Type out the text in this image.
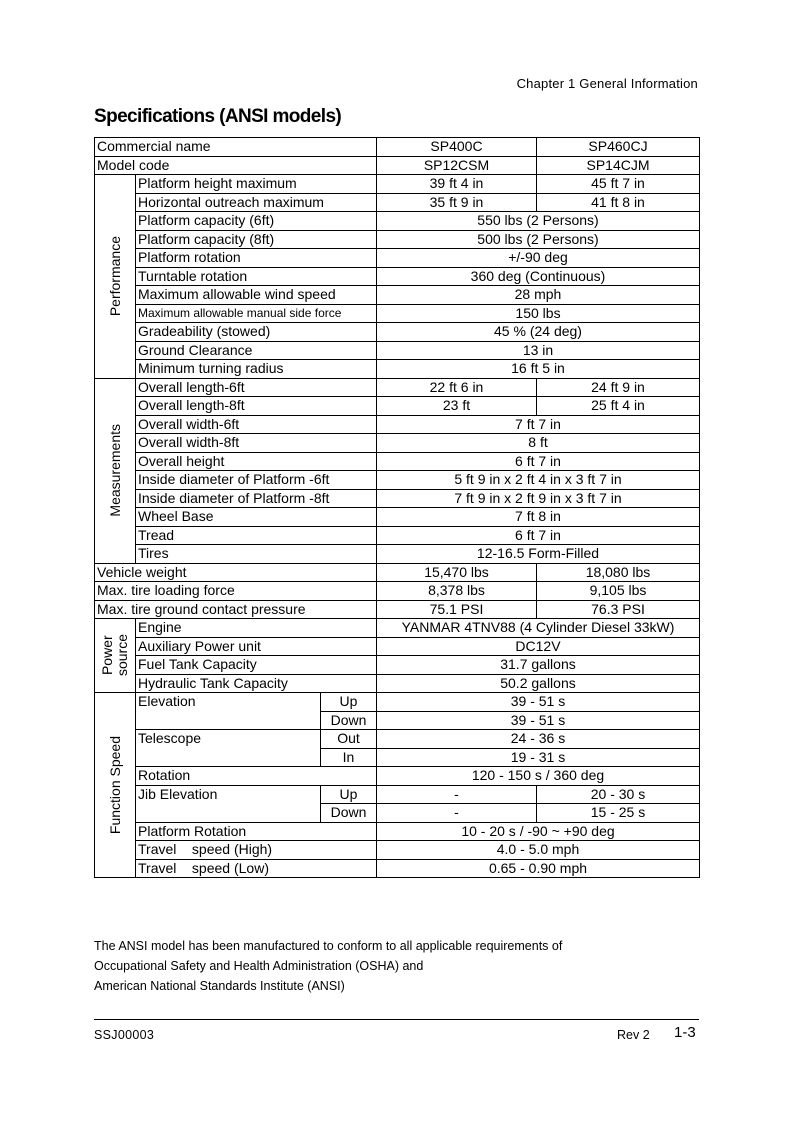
Chapter 1 General Information
Specifications (ANSI models)
Commercial name			SP400C	SP460CJ
Model code			SP12CSM	SP14CJM

Performance	Platform height maximum		39 ft 4 in	45 ft 7 in
	Horizontal outreach maximum		35 ft 9 in	41 ft 8 in
	Platform capacity (6ft)		550 lbs (2 Persons)	
	Platform capacity (8ft)		500 lbs (2 Persons)	
	Platform rotation		+/-90 deg	
	Turntable rotation		360 deg (Continuous)	
	Maximum allowable wind speed		28 mph	
	Maximum allowable manual side force		150 lbs	
	Gradeability (stowed)		45 % (24 deg)	
	Ground Clearance		13 in	
	Minimum turning radius		16 ft 5 in	

Measurements	Overall length-6ft		22 ft 6 in	24 ft 9 in
	Overall length-8ft		23 ft	25 ft 4 in
	Overall width-6ft		7 ft 7 in	
	Overall width-8ft		8 ft	
	Overall height		6 ft 7 in	
	Inside diameter of Platform -6ft		5 ft 9 in x 2 ft 4 in x 3 ft 7 in	
	Inside diameter of Platform -8ft		7 ft 9 in x 2 ft 9 in x 3 ft 7 in	
	Wheel Base		7 ft 8 in	
	Tread		6 ft 7 in	
	Tires		12-16.5 Form-Filled	
Vehicle weight			15,470 lbs	18,080 lbs
Max. tire loading force			8,378 lbs	9,105 lbs
Max. tire ground contact pressure			75.1 PSI	76.3 PSI

Power
source	Engine		YANMAR 4TNV88 (4 Cylinder Diesel 33kW)	
	Auxiliary Power unit		DC12V	
	Fuel Tank Capacity		31.7 gallons	
	Hydraulic Tank Capacity		50.2 gallons	

Function Speed	Elevation	Up	39 - 51 s	
		Down	39 - 51 s	
	Telescope	Out	24 - 36 s	
		In	19 - 31 s	
	Rotation		120 - 150 s / 360 deg	
	Jib Elevation	Up	-	20 - 30 s
		Down	-	15 - 25 s
	Platform Rotation		10 - 20 s / -90 ~ +90 deg	
	Travel    speed (High)		4.0 - 5.0 mph	
	Travel    speed (Low)		0.65 - 0.90 mph	
The ANSI model has been manufactured to conform to all applicable requirements of
Occupational Safety and Health Administration (OSHA) and
American National Standards Institute (ANSI)
SSJ00003	Rev 2 1-3
